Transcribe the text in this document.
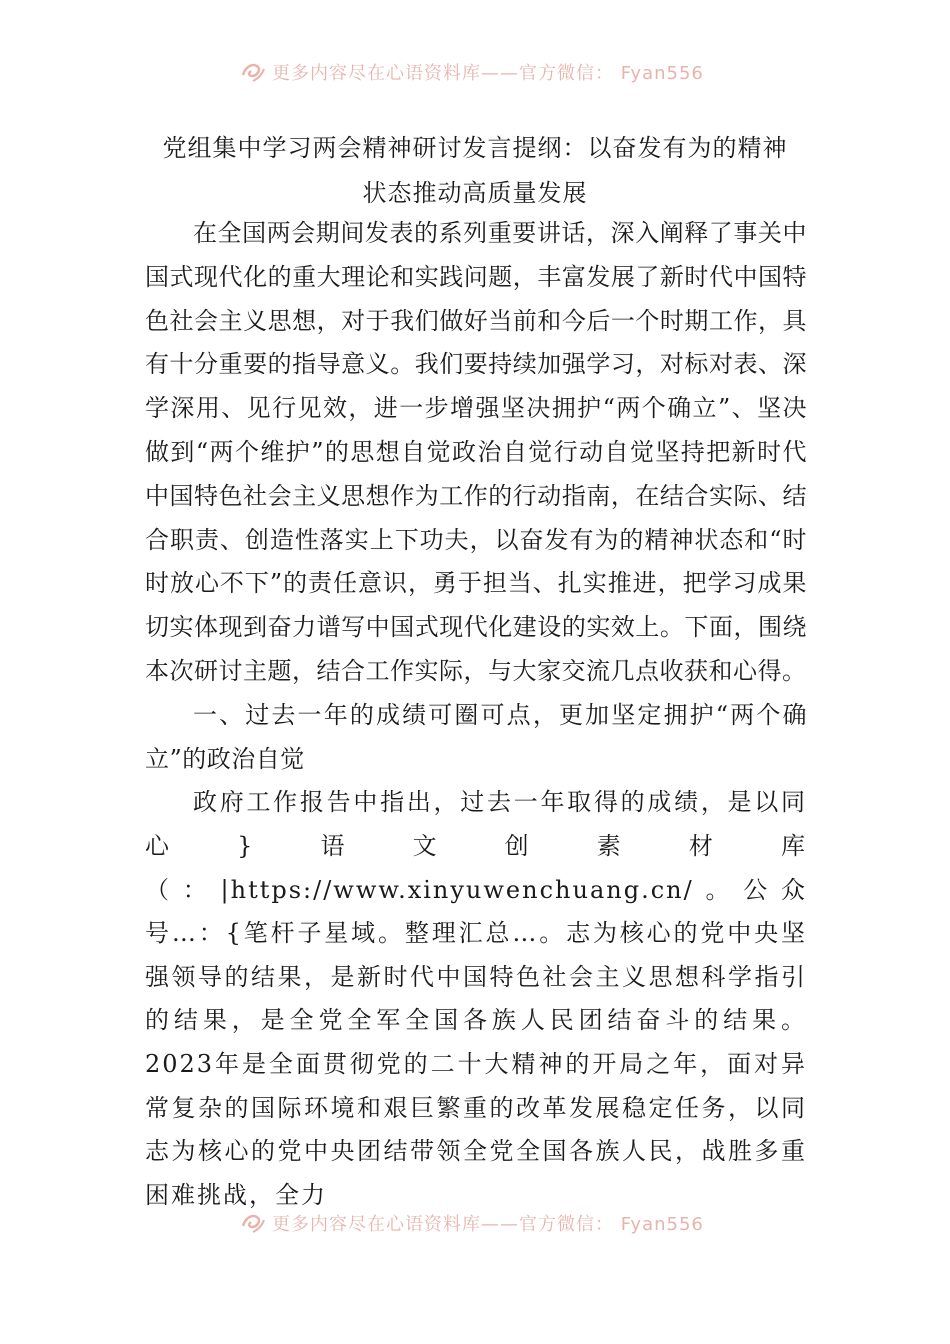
更多内容尽在心语资料库——官方微信： Fyan556
党组集中学习两会精神研讨发言提纲：以奋发有为的精神
状态推动高质量发展

在全国两会期间发表的系列重要讲话，深入阐释了事关中国式现代化的重大理论和实践问题，丰富发展了新时代中国特色社会主义思想，对于我们做好当前和今后一个时期工作，具有十分重要的指导意义。我们要持续加强学习，对标对表、深学深用、见行见效，进一步增强坚决拥护“两个确立”、坚决做到“两个维护”的思想自觉政治自觉行动自觉坚持把新时代中国特色社会主义思想作为工作的行动指南，在结合实际、结合职责、创造性落实上下功夫，以奋发有为的精神状态和“时时放心不下”的责任意识，勇于担当、扎实推进，把学习成果切实体现到奋力谱写中国式现代化建设的实效上。下面，围绕本次研讨主题，结合工作实际，与大家交流几点收获和心得。

一、过去一年的成绩可圈可点，更加坚定拥护“两个确立”的政治自觉

政府工作报告中指出，过去一年取得的成绩，是以同心}语文创素材库（：|https://www.xinyuwenchuang.cn/。公众号…：{笔杆子星域。整理汇总…。志为核心的党中央坚强领导的结果，是新时代中国特色社会主义思想科学指引的结果，是全党全军全国各族人民团结奋斗的结果。2023年是全面贯彻党的二十大精神的开局之年，面对异常复杂的国际环境和艰巨繁重的改革发展稳定任务，以同志为核心的党中央团结带领全党全国各族人民，战胜多重困难挑战，全力

更多内容尽在心语资料库——官方微信： Fyan556
